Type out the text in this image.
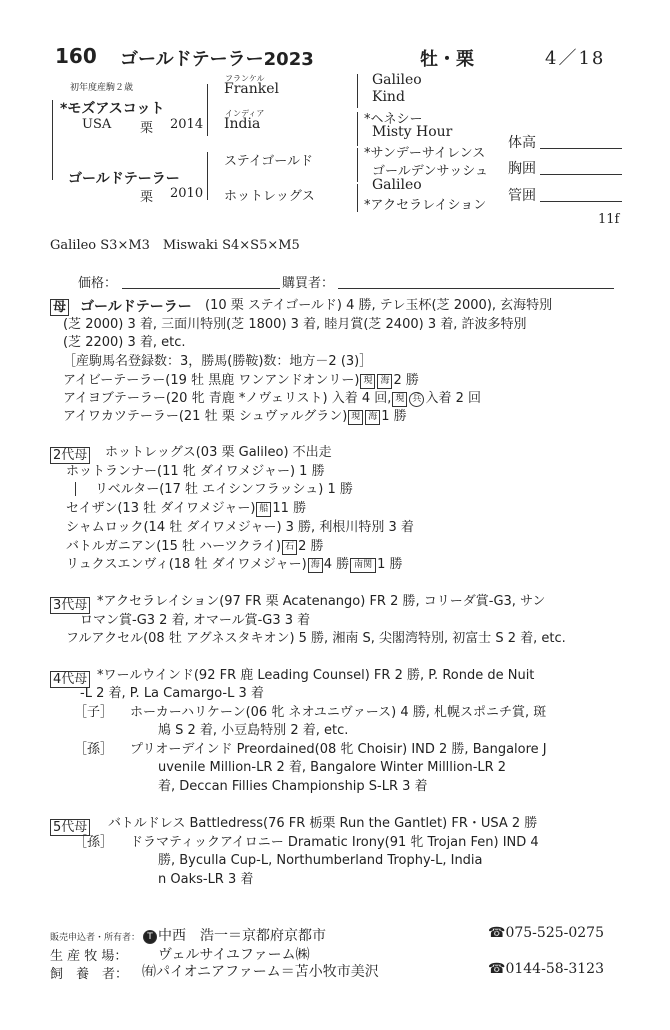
160 ゴールドテーラー2023	牡・栗	4／18
初年度産駒２歳
*モズアスコット
USA 栗 2014
ゴールドテーラー
栗 2010
フランケル
Frankel
インディア
India
ステイゴールド
ホットレッグス
Galileo
Kind
*ヘネシー
Misty Hour
*サンデーサイレンス
ゴールデンサッシュ
Galileo
*アクセラレイション
体高
胸囲
管囲
11f
Galileo S3×M3　Miswaki S4×S5×M5
価格：	購買者：
母 ゴールドテーラー (10 栗 ステイゴールド) 4 勝, テレ玉杯(芝 2000), 玄海特別
(芝 2000) 3 着, 三面川特別(芝 1800) 3 着, 睦月賞(芝 2400) 3 着, 許波多特別
(芝 2200) 3 着, etc.
［産駒馬名登録数：3，勝馬(勝鞍)数：地方－2 (3)］
アイビーテーラー(19 牡 黒鹿 ワンアンドオンリー) 現 海 2 勝
アイヨブテーラー(20 牝 青鹿 *ノヴェリスト) 入着 4 回, 現 兵 入着 2 回
アイワカツテーラー(21 牡 栗 シュヴァルグラン) 現 海 1 勝
2代母 ホットレッグス(03 栗 Galileo) 不出走
ホットランナー(11 牝 ダイワメジャー) 1 勝
リベルター(17 牡 エイシンフラッシュ) 1 勝
セイザン(13 牡 ダイワメジャー) 船 11 勝
シャムロック(14 牡 ダイワメジャー) 3 勝, 利根川特別 3 着
バトルガニアン(15 牡 ハーツクライ) 石 2 勝
リュクスエンヴィ(18 牡 ダイワメジャー) 海 4 勝 南関 1 勝
3代母 *アクセラレイション(97 FR 栗 Acatenango) FR 2 勝, コリーダ賞-G3, サン
ロマン賞-G3 2 着, オマール賞-G3 3 着
フルアクセル(08 牡 アグネスタキオン) 5 勝, 湘南 S, 尖閣湾特別, 初富士 S 2 着, etc.
4代母 *ワールウインド(92 FR 鹿 Leading Counsel) FR 2 勝, P. Ronde de Nuit
-L 2 着, P. La Camargo-L 3 着
［子］ ホーカーハリケーン(06 牝 ネオユニヴァース) 4 勝, 札幌スポニチ賞, 斑
鳩 S 2 着, 小豆島特別 2 着, etc.
［孫］ プリオーデインド Preordained(08 牝 Choisir) IND 2 勝, Bangalore J
uvenile Million-LR 2 着, Bangalore Winter Milllion-LR 2
着, Deccan Fillies Championship S-LR 3 着
5代母 バトルドレス Battledress(76 FR 栃栗 Run the Gantlet) FR・USA 2 勝
［孫］ ドラマティックアイロニー Dramatic Irony(91 牝 Trojan Fen) IND 4
勝, Byculla Cup-L, Northumberland Trophy-L, India
n Oaks-LR 3 着
販売申込者・所有者： T 中西　浩一＝京都府京都市	☎075-525-0275
生 産 牧 場： ヴェルサイユファーム㈱
飼　養　者： ㈲パイオニアファーム＝苫小牧市美沢	☎0144-58-3123
